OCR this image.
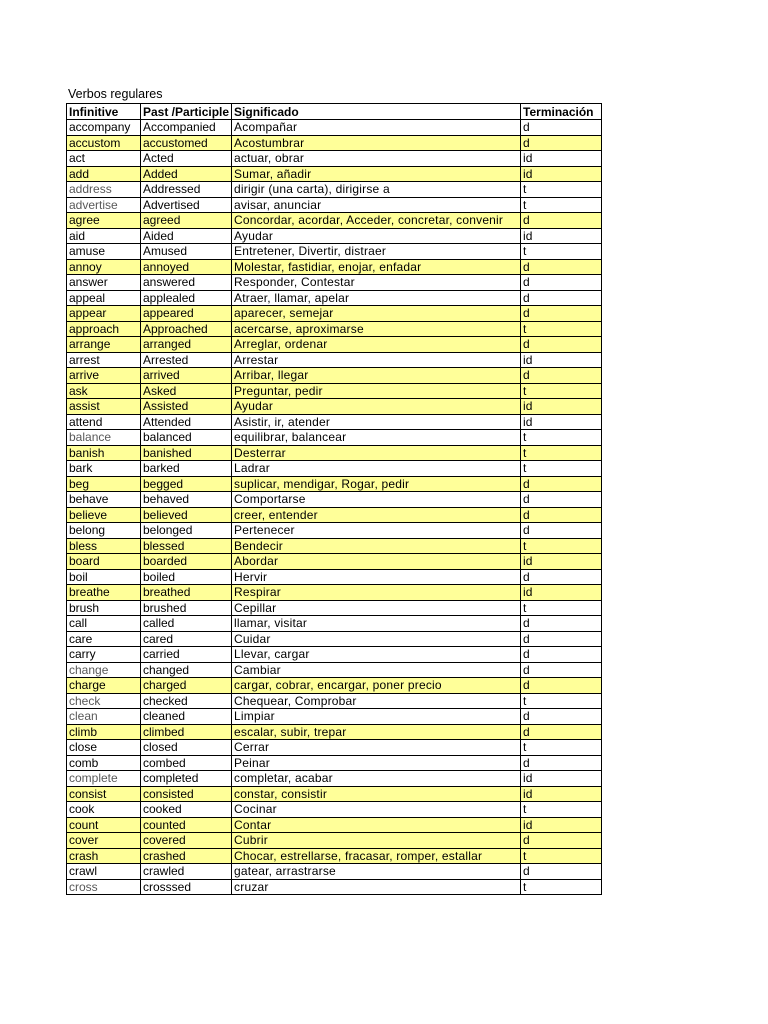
Verbos regulares
Infinitive	Past /Participle	Significado	Terminación
accompany	Accompanied	Acompañar	d
accustom	accustomed	Acostumbrar	d
act	Acted	actuar, obrar	id
add	Added	Sumar, añadir	id
address	Addressed	dirigir (una carta), dirigirse a	t
advertise	Advertised	avisar, anunciar	t
agree	agreed	Concordar, acordar, Acceder, concretar, convenir	d
aid	Aided	Ayudar	id
amuse	Amused	Entretener, Divertir, distraer	t
annoy	annoyed	Molestar, fastidiar, enojar, enfadar	d
answer	answered	Responder, Contestar	d
appeal	applealed	Atraer, llamar, apelar	d
appear	appeared	aparecer, semejar	d
approach	Approached	acercarse, aproximarse	t
arrange	arranged	Arreglar, ordenar	d
arrest	Arrested	Arrestar	id
arrive	arrived	Arribar, llegar	d
ask	Asked	Preguntar, pedir	t
assist	Assisted	Ayudar	id
attend	Attended	Asistir, ir, atender	id
balance	balanced	equilibrar, balancear	t
banish	banished	Desterrar	t
bark	barked	Ladrar	t
beg	begged	suplicar, mendigar, Rogar, pedir	d
behave	behaved	Comportarse	d
believe	believed	creer, entender	d
belong	belonged	Pertenecer	d
bless	blessed	Bendecir	t
board	boarded	Abordar	id
boil	boiled	Hervir	d
breathe	breathed	Respirar	id
brush	brushed	Cepillar	t
call	called	llamar, visitar	d
care	cared	Cuidar	d
carry	carried	Llevar, cargar	d
change	changed	Cambiar	d
charge	charged	cargar, cobrar, encargar, poner precio	d
check	checked	Chequear, Comprobar	t
clean	cleaned	Limpiar	d
climb	climbed	escalar, subir, trepar	d
close	closed	Cerrar	t
comb	combed	Peinar	d
complete	completed	completar, acabar	id
consist	consisted	constar, consistir	id
cook	cooked	Cocinar	t
count	counted	Contar	id
cover	covered	Cubrir	d
crash	crashed	Chocar, estrellarse, fracasar, romper, estallar	t
crawl	crawled	gatear, arrastrarse	d
cross	crosssed	cruzar	t
